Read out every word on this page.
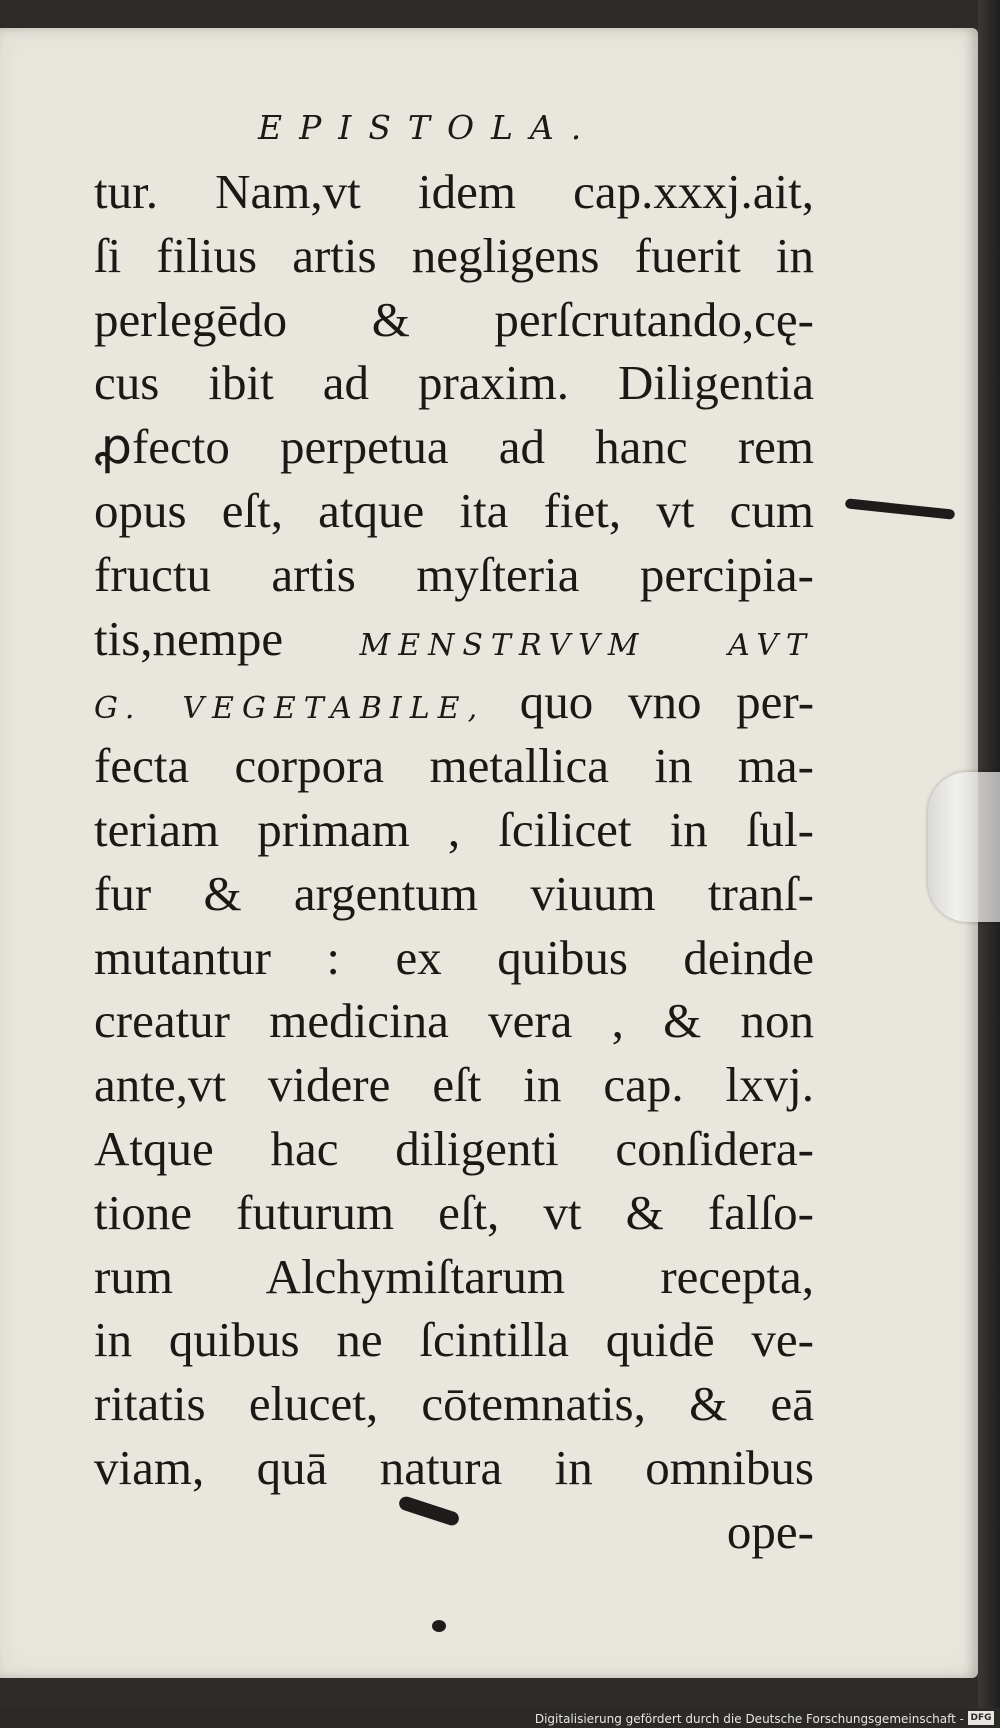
EPISTOLA.
tur. Nam,vt idem cap.xxxj.ait,
ſi filius artis negligens fuerit in
perlegēdo & perſcrutando,cę-
cus ibit ad praxim. Diligentia
ꝓfecto perpetua ad hanc rem
opus eſt, atque ita fiet, vt cum
fructu artis myſteria percipia-
tis,nempe	MENSTRVVM AVT
G. VEGETABILE, quo vno per-
fecta corpora metallica in ma-
teriam primam , ſcilicet in ſul-
fur & argentum viuum tranſ-
mutantur : ex quibus deinde
creatur medicina vera , & non
ante,vt videre eſt in cap. lxvj.
Atque hac diligenti conſidera-
tione futurum eſt, vt & falſo-
rum Alchymiſtarum recepta,
in quibus ne ſcintilla quidē ve-
ritatis elucet, cōtemnatis, & eā
viam, quā natura in omnibus
ope-
Digitalisierung gefördert durch die Deutsche Forschungsgemeinschaft - DFG
